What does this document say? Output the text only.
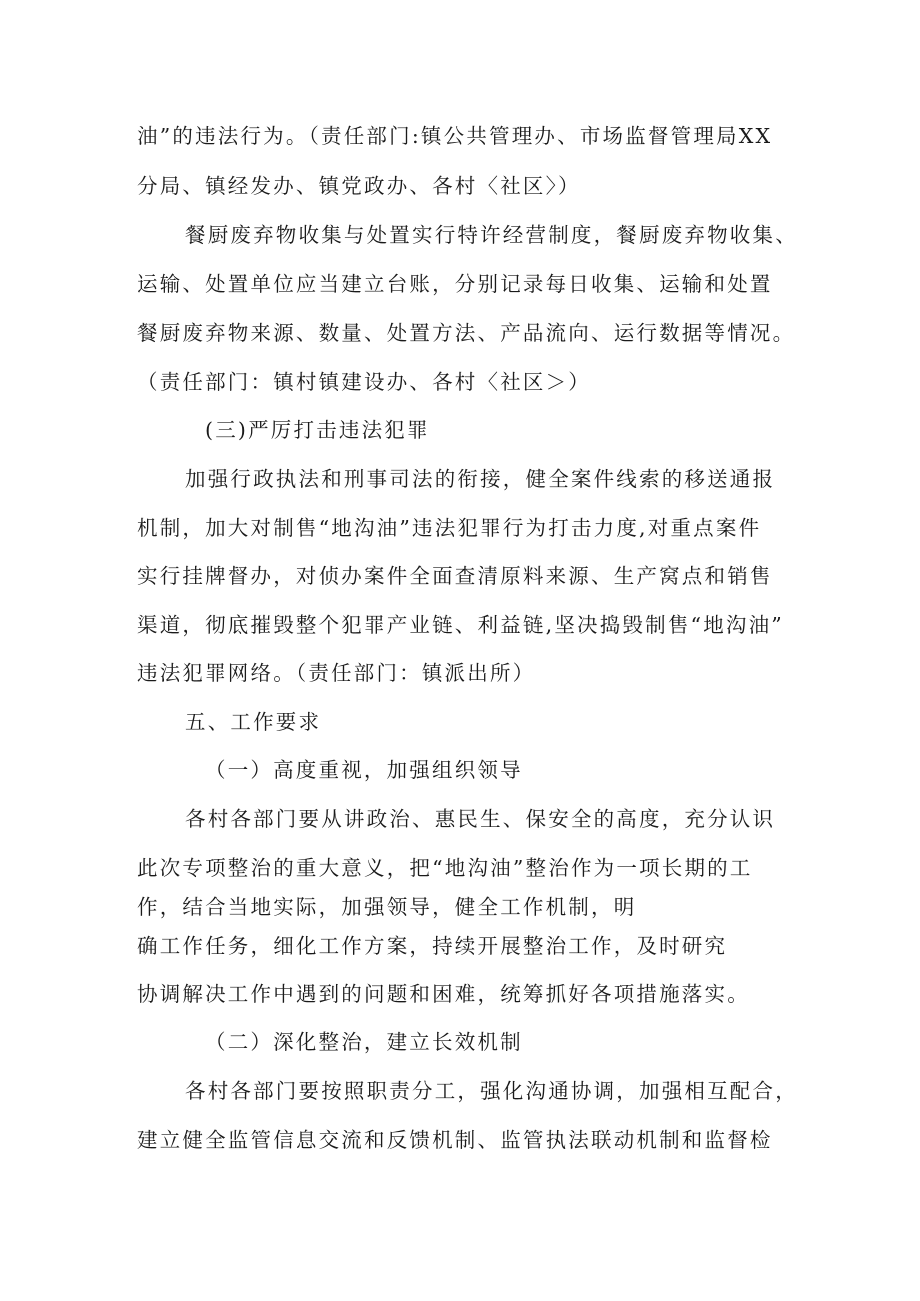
油”的违法行为。（责任部门:镇公共管理办、市场监督管理局XX
分局、镇经发办、镇党政办、各村〈社区〉）
餐厨废弃物收集与处置实行特许经营制度，餐厨废弃物收集、
运输、处置单位应当建立台账，分别记录每日收集、运输和处置
餐厨废弃物来源、数量、处置方法、产品流向、运行数据等情况。
（责任部门：镇村镇建设办、各村〈社区＞）
(三)严厉打击违法犯罪
加强行政执法和刑事司法的衔接，健全案件线索的移送通报
机制，加大对制售“地沟油”违法犯罪行为打击力度,对重点案件
实行挂牌督办，对侦办案件全面查清原料来源、生产窝点和销售
渠道，彻底摧毁整个犯罪产业链、利益链,坚决捣毁制售“地沟油”
违法犯罪网络。（责任部门：镇派出所）
五、工作要求
（一）高度重视，加强组织领导
各村各部门要从讲政治、惠民生、保安全的高度，充分认识
此次专项整治的重大意义，把“地沟油”整治作为一项长期的工
作，结合当地实际，加强领导，健全工作机制，明
确工作任务，细化工作方案，持续开展整治工作，及时研究
协调解决工作中遇到的问题和困难，统筹抓好各项措施落实。
（二）深化整治，建立长效机制
各村各部门要按照职责分工，强化沟通协调，加强相互配合，
建立健全监管信息交流和反馈机制、监管执法联动机制和监督检
